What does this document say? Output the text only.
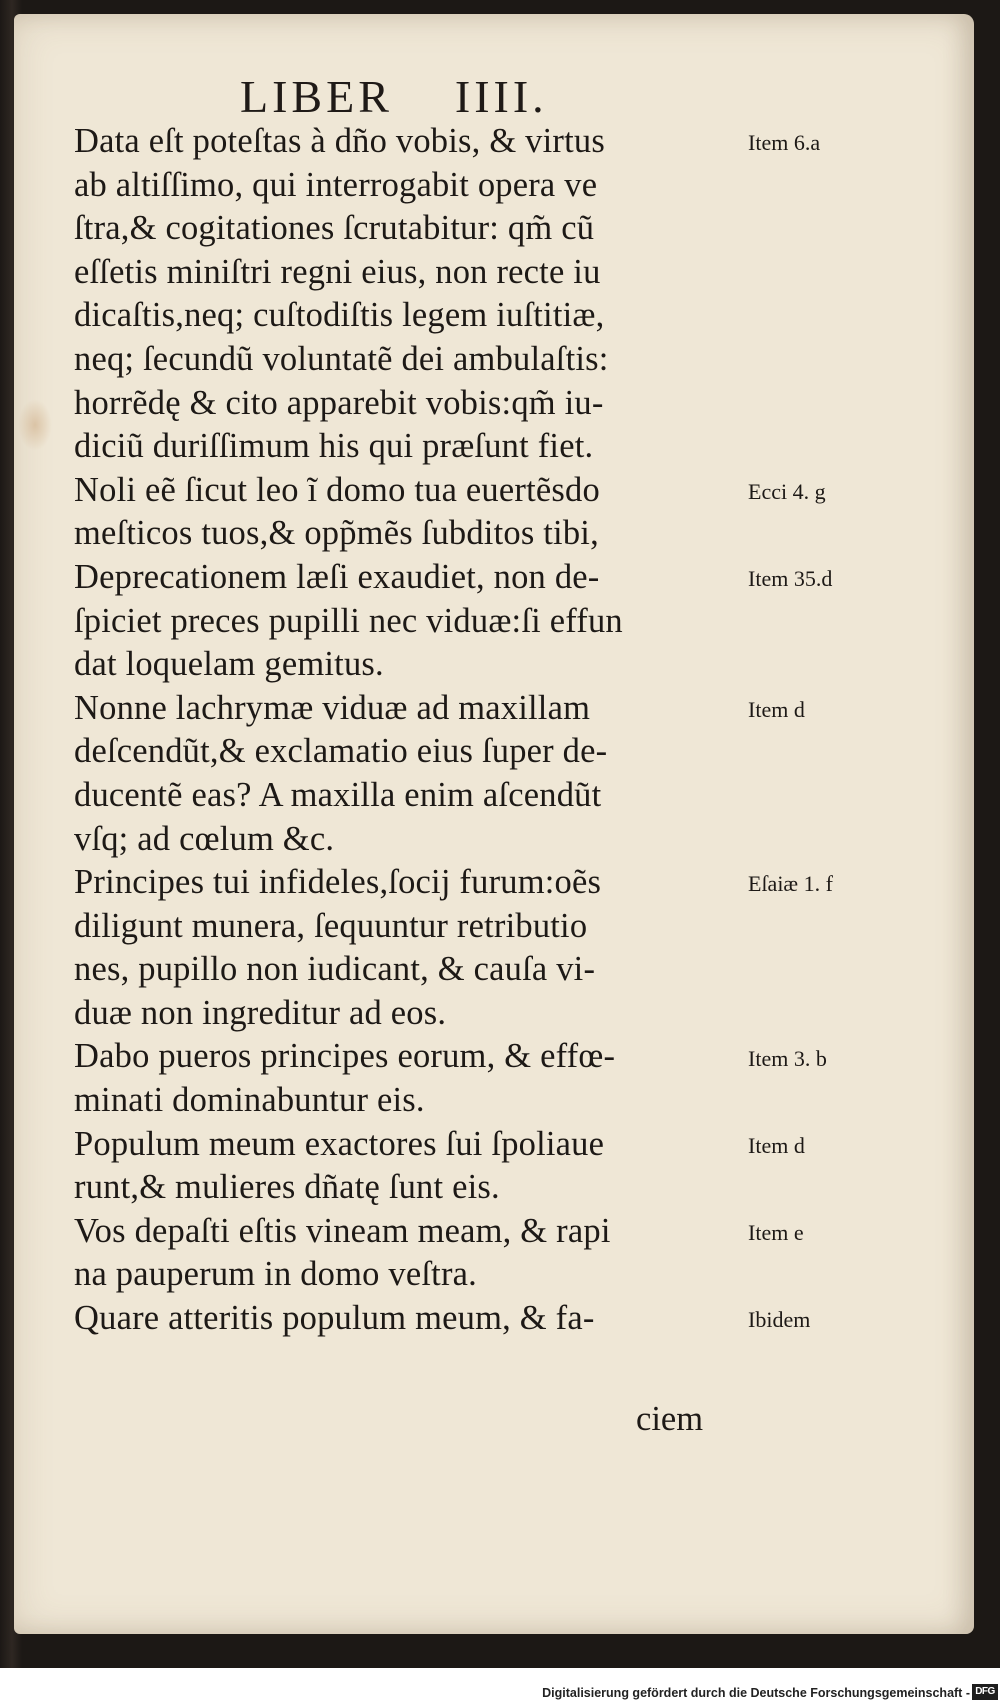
LIBER IIII.
Data eſt poteſtas à dño vobis, & virtus
ab altiſſimo, qui interrogabit opera ve
ſtra,& cogitationes ſcrutabitur: qm̃ cũ
eſſetis miniſtri regni eius, non recte iu
dicaſtis,neq; cuſtodiſtis legem iuſtitiæ,
neq; ſecundũ voluntatẽ dei ambulaſtis:
horrẽdę & cito apparebit vobis:qm̃ iu-
diciũ duriſſimum his qui præſunt fiet.
Noli eẽ ſicut leo ĩ domo tua euertẽsdo
meſticos tuos,& opp̃mẽs ſubditos tibi,
Deprecationem læſi exaudiet, non de-
ſpiciet preces pupilli nec viduæ:ſi effun
dat loquelam gemitus.
Nonne lachrymæ viduæ ad maxillam
deſcendũt,& exclamatio eius ſuper de-
ducentẽ eas? A maxilla enim aſcendũt
vſq; ad cœlum &c.
Principes tui infideles,ſocij furum:oẽs
diligunt munera, ſequuntur retributio
nes, pupillo non iudicant, & cauſa vi-
duæ non ingreditur ad eos.
Dabo pueros principes eorum, & effœ-
minati dominabuntur eis.
Populum meum exactores ſui ſpoliaue
runt,& mulieres dñatę ſunt eis.
Vos depaſti eſtis vineam meam, & rapi
na pauperum in domo veſtra.
Quare atteritis populum meum, & fa-
Item 6.a
Ecci 4. g
Item 35.d
Item d
Eſaiæ 1. f
Item 3. b
Item d
Item e
Ibidem
ciem
Digitalisierung gefördert durch die Deutsche Forschungsgemeinschaft - DFG
